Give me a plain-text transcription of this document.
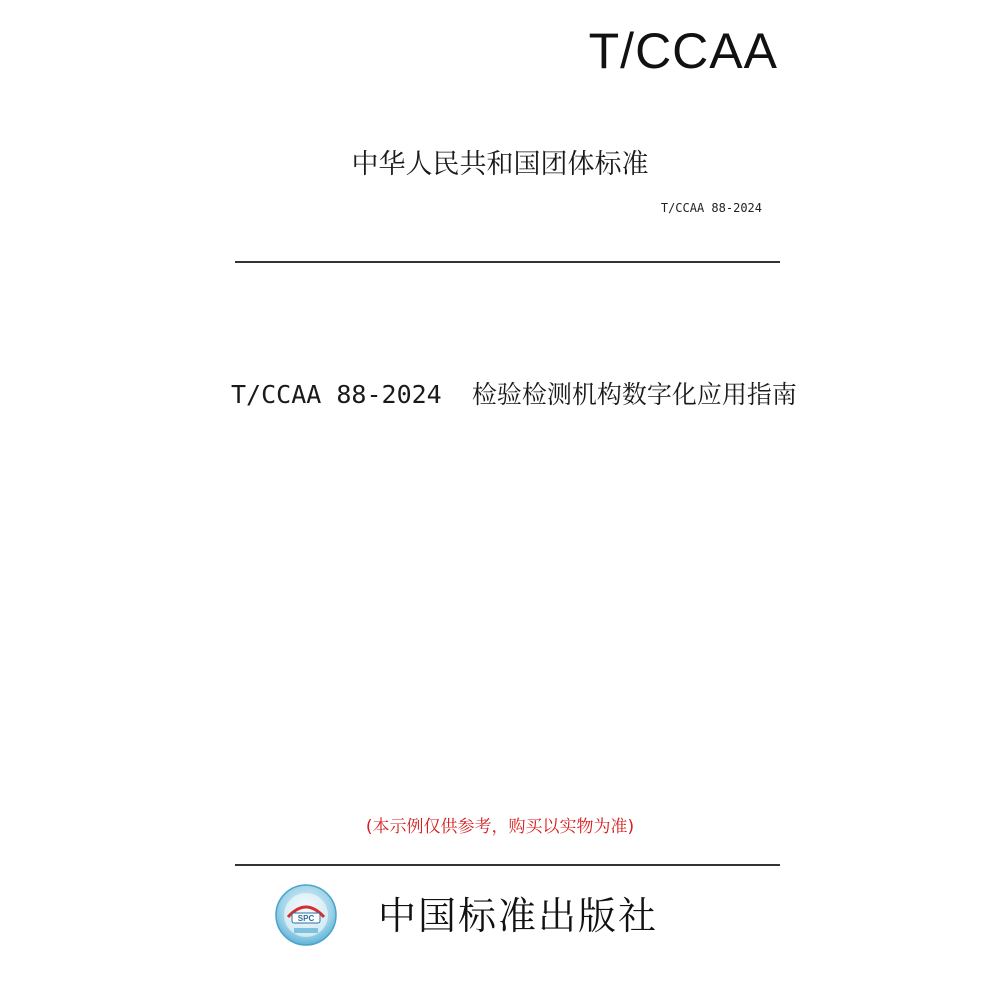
T/CCAA
中华人民共和国团体标准
T/CCAA 88-2024
T/CCAA 88-2024 检验检测机构数字化应用指南
(本示例仅供参考，购买以实物为准)
SPC 中国标准出版社
